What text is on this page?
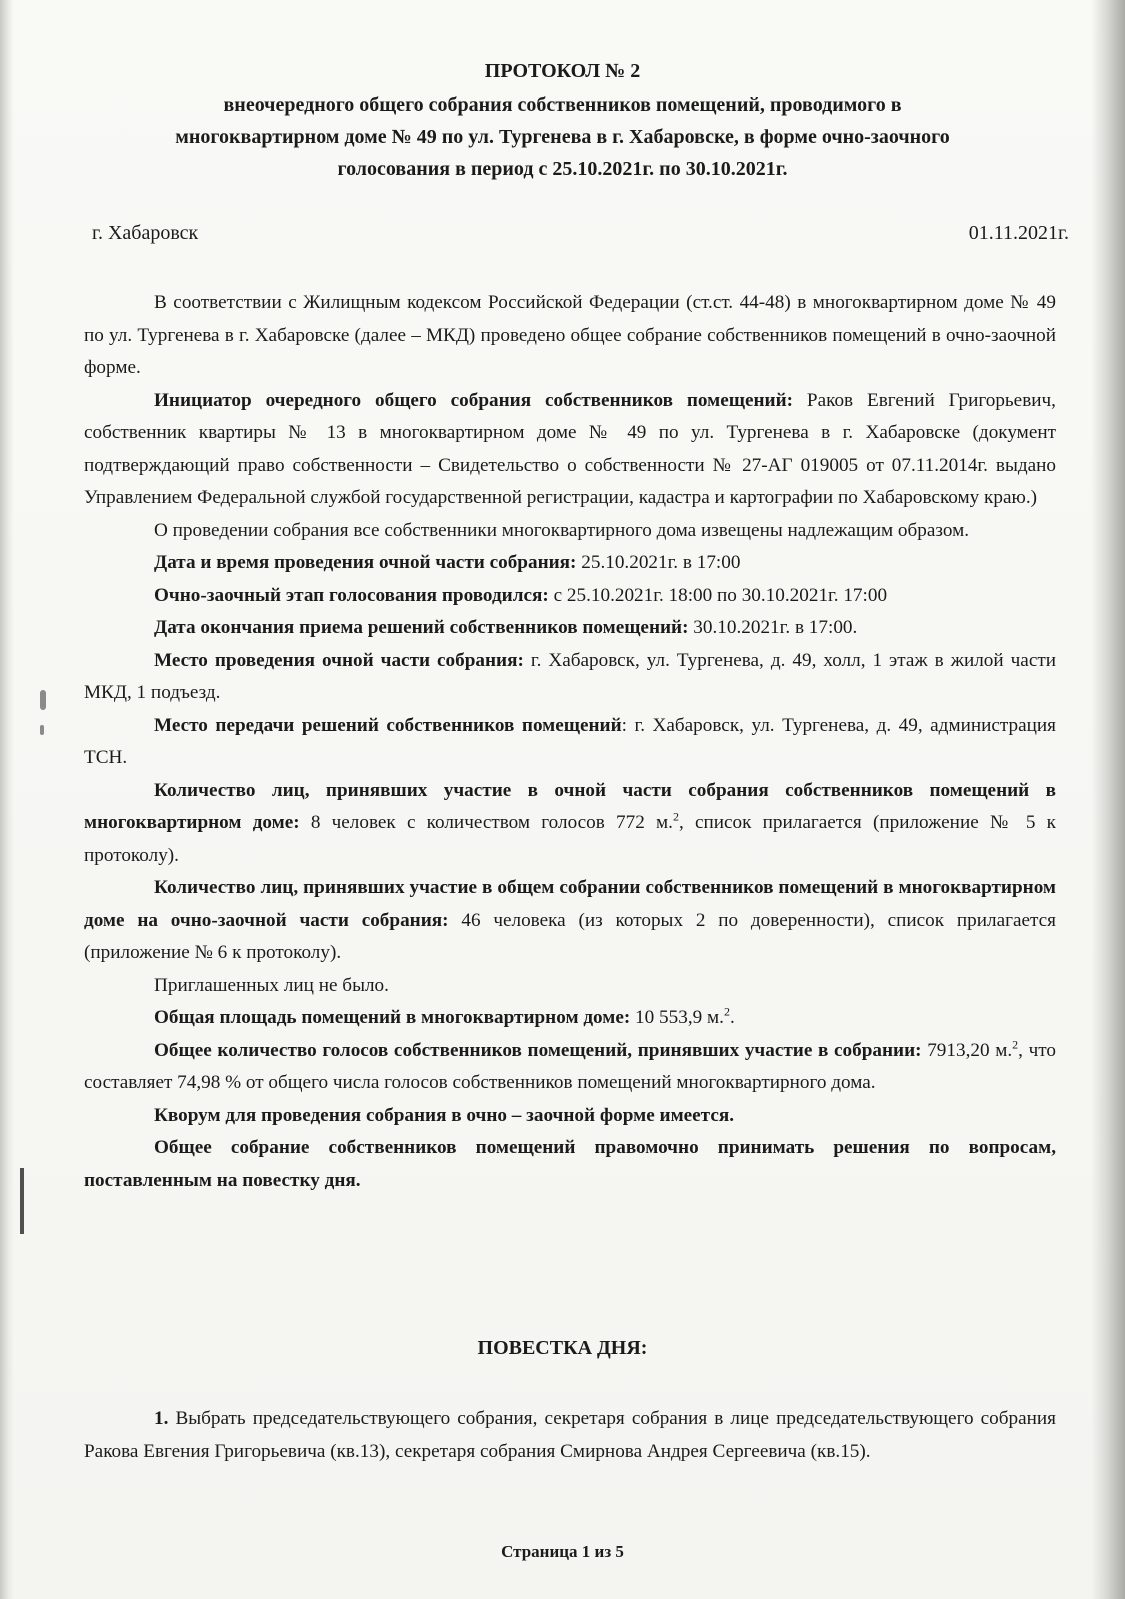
ПРОТОКОЛ № 2
внеочередного общего собрания собственников помещений, проводимого в
многоквартирном доме № 49 по ул. Тургенева в г. Хабаровске, в форме очно-заочного
голосования в период с 25.10.2021г. по 30.10.2021г.
г. Хабаровск	01.11.2021г.

В соответствии с Жилищным кодексом Российской Федерации (ст.ст. 44-48) в многоквартирном доме № 49 по ул. Тургенева в г. Хабаровске (далее – МКД) проведено общее собрание собственников помещений в очно-заочной форме.

Инициатор очередного общего собрания собственников помещений: Раков Евгений Григорьевич, собственник квартиры № 13 в многоквартирном доме № 49 по ул. Тургенева в г. Хабаровске (документ подтверждающий право собственности – Свидетельство о собственности № 27-АГ 019005 от 07.11.2014г. выдано Управлением Федеральной службой государственной регистрации, кадастра и картографии по Хабаровскому краю.)

О проведении собрания все собственники многоквартирного дома извещены надлежащим образом.

Дата и время проведения очной части собрания: 25.10.2021г. в 17:00

Очно-заочный этап голосования проводился: с 25.10.2021г. 18:00 по 30.10.2021г. 17:00

Дата окончания приема решений собственников помещений: 30.10.2021г. в 17:00.

Место проведения очной части собрания: г. Хабаровск, ул. Тургенева, д. 49, холл, 1 этаж в жилой части МКД, 1 подъезд.

Место передачи решений собственников помещений: г. Хабаровск, ул. Тургенева, д. 49, администрация ТСН.

Количество лиц, принявших участие в очной части собрания собственников помещений в многоквартирном доме: 8 человек с количеством голосов 772 м.$^2$, список прилагается (приложение № 5 к протоколу).

Количество лиц, принявших участие в общем собрании собственников помещений в многоквартирном доме на очно-заочной части собрания: 46 человека (из которых 2 по доверенности), список прилагается (приложение № 6 к протоколу).

Приглашенных лиц не было.

Общая площадь помещений в многоквартирном доме: 10 553,9 м.$^2$.

Общее количество голосов собственников помещений, принявших участие в собрании: 7913,20 м.$^2$, что составляет 74,98 % от общего числа голосов собственников помещений многоквартирного дома.

Кворум для проведения собрания в очно – заочной форме имеется.

Общее собрание собственников помещений правомочно принимать решения по вопросам, поставленным на повестку дня.

ПОВЕСТКА ДНЯ:

1. Выбрать председательствующего собрания, секретаря собрания в лице председательствующего собрания Ракова Евгения Григорьевича (кв.13), секретаря собрания Смирнова Андрея Сергеевича (кв.15).

Страница 1 из 5
